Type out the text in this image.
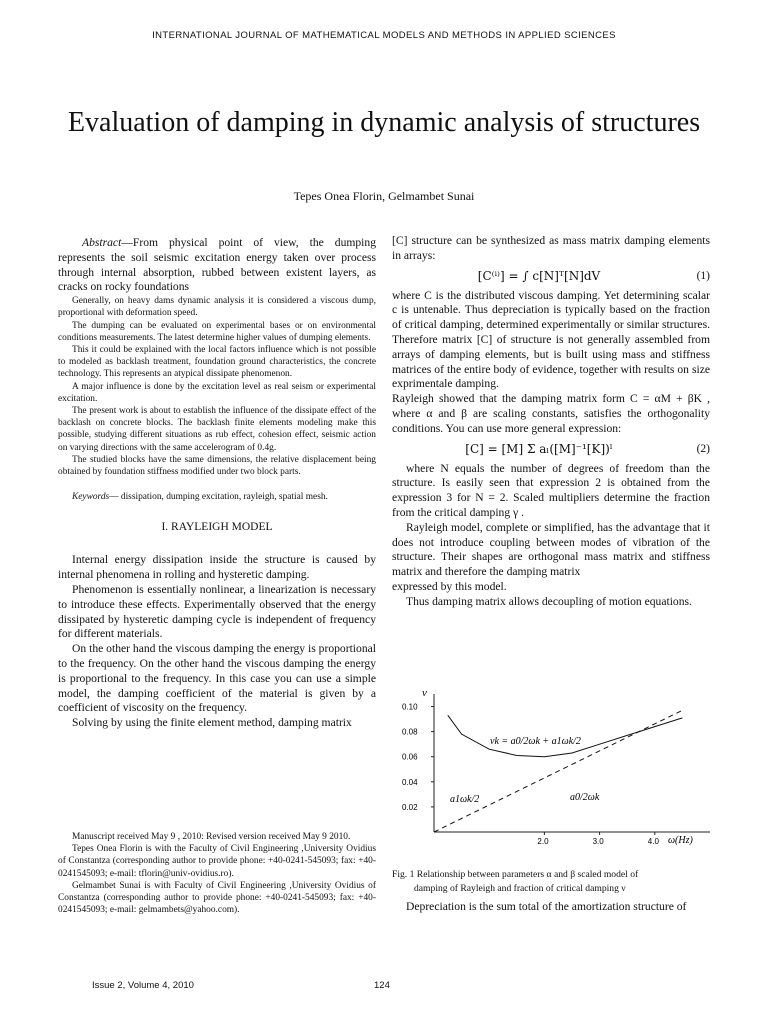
INTERNATIONAL JOURNAL OF MATHEMATICAL MODELS AND METHODS IN APPLIED SCIENCES
Evaluation of damping in dynamic analysis of structures
Tepes Onea Florin, Gelmambet Sunai

Abstract—From physical point of view, the dumping represents the soil seismic excitation energy taken over process through internal absorption, rubbed between existent layers, as cracks on rocky foundations

Generally, on heavy dams dynamic analysis it is considered a viscous dump, proportional with deformation speed.

The dumping can be evaluated on experimental bases or on environmental conditions measurements. The latest determine higher values of dumping elements.

This it could be explained with the local factors influence which is not possible to modeled as backlash treatment, foundation ground characteristics, the concrete technology. This represents an atypical dissipate phenomenon.

A major influence is done by the excitation level as real seism or experimental excitation.

The present work is about to establish the influence of the dissipate effect of the backlash on concrete blocks. The backlash finite elements modeling make this possible, studying different situations as rub effect, cohesion effect, seismic action on varying directions with the same accelerogram of 0.4g.

The studied blocks have the same dimensions, the relative displacement being obtained by foundation stiffness modified under two block parts.

Keywords— dissipation, dumping excitation, rayleigh, spatial mesh.

I. RAYLEIGH MODEL

Internal energy dissipation inside the structure is caused by internal phenomena in rolling and hysteretic damping.

Phenomenon is essentially nonlinear, a linearization is necessary to introduce these effects. Experimentally observed that the energy dissipated by hysteretic damping cycle is independent of frequency for different materials.

On the other hand the viscous damping the energy is proportional to the frequency. On the other hand the viscous damping the energy is proportional to the frequency. In this case you can use a simple model, the damping coefficient of the material is given by a coefficient of viscosity on the frequency.

Solving by using the finite element method, damping matrix

Manuscript received May 9 , 2010: Revised version received May 9 2010.

Tepes Onea Florin is with the Faculty of Civil Engineering ,University Ovidius of Constantza (corresponding author to provide phone: +40-0241-545093; fax: +40-0241545093; e-mail: tflorin@univ-ovidius.ro).

Gelmambet Sunai is with Faculty of Civil Engineering ,University Ovidius of Constantza (corresponding author to provide phone: +40-0241-545093; fax: +40-0241545093; e-mail: gelmambets@yahoo.com).

[C] structure can be synthesized as mass matrix damping elements in arrays:

[C⁽ⁱ⁾] = ∫ c[N]ᵀ[N]dV	(1)

where C is the distributed viscous damping. Yet determining scalar c is untenable. Thus depreciation is typically based on the fraction of critical damping, determined experimentally or similar structures. Therefore matrix [C] of structure is not generally assembled from arrays of damping elements, but is built using mass and stiffness matrices of the entire body of evidence, together with results on size exprimentale damping.

Rayleigh showed that the damping matrix form C = αM + βK , where α and β are scaling constants, satisfies the orthogonality conditions. You can use more general expression:

[C] = [M] Σ aₗ([M]⁻¹[K])ˡ	(2)

where N equals the number of degrees of freedom than the structure. Is easily seen that expression 2 is obtained from the expression 3 for N = 2. Scaled multipliers determine the fraction from the critical damping γ .

Rayleigh model, complete or simplified, has the advantage that it does not introduce coupling between modes of vibration of the structure. Their shapes are orthogonal mass matrix and stiffness matrix and therefore the damping matrix

expressed by this model.

Thus damping matrix allows decoupling of motion equations.

ν
ω(Hz)
0.10
0.08
0.06
0.04
0.02
2.0	3.0	4.0
νk = a0/2ωk + a1ωk/2
a1ωk/2	a0/2ωk
Fig. 1 Relationship between parameters α and β scaled model of
damping of Rayleigh and fraction of critical damping ν
Depreciation is the sum total of the amortization structure of
Issue 2, Volume 4, 2010	124
